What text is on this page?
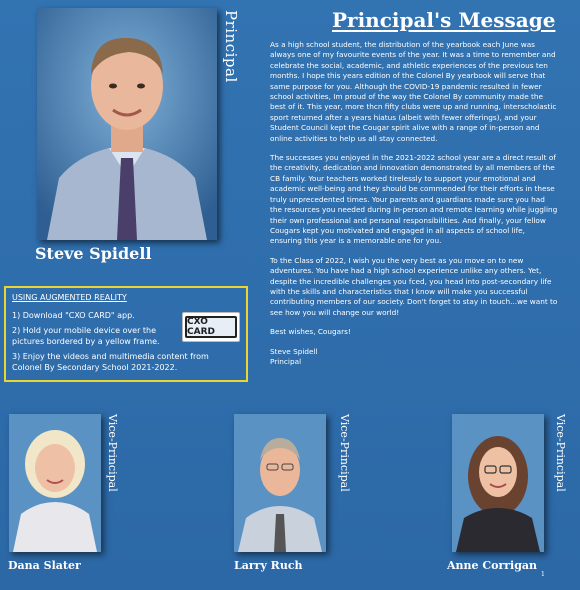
Principal
Steve Spidell
Principal's Message

As a high school student, the distribution of the yearbook each June was always one of my favourite events of the year. It was a time to remember and celebrate the social, academic, and athletic experiences of the previous ten months. I hope this years edition of the Colonel By yearbook will serve that same purpose for you. Although the COVID-19 pandemic resulted in fewer school activities, Im proud of the way the Colonel By community made the best of it. This year, more thcn fifty clubs were up and running, interscholastic sport returned after a years hiatus (albeit with fewer offerings), and your Student Council kept the Cougar spirit alive with a range of in-person and online activities to help us all stay connected.

The successes you enjoyed in the 2021-2022 school year are a direct result of the creativity, dedication and innovation demonstrated by all members of the CB family. Your teachers worked tirelessly to support your emotional and academic well-being and they should be commended for their efforts in these truly unprecedented times. Your parents and guardians made sure you had the resources you needed during in-person and remote learning while juggling their own professional and personal responsibilities. And finally, your fellow Cougars kept you motivated and engaged in all aspects of school life, ensuring this year is a memorable one for you.

To the Class of 2022, I wish you the very best as you move on to new adventures. You have had a high school experience unlike any others. Yet, despite the incredible challenges you fced, you head into post-secondary life with the skills and characteristics that I know will make you successful contributing members of our society. Don't forget to stay in touch...we want to see how you will change our world!

Best wishes, Cougars!

Steve Spidell
Principal
USING AUGMENTED REALITY
1) Download "CXO CARD" app.
2) Hold your mobile device over the pictures bordered by a yellow frame.
3) Enjoy the videos and multimedia content from Colonel By Secondary School 2021-2022.
CXO CARD
Vice-Principal
Dana Slater
Vice-Principal
Larry Ruch
Vice-Principal
Anne Corrigan
1
